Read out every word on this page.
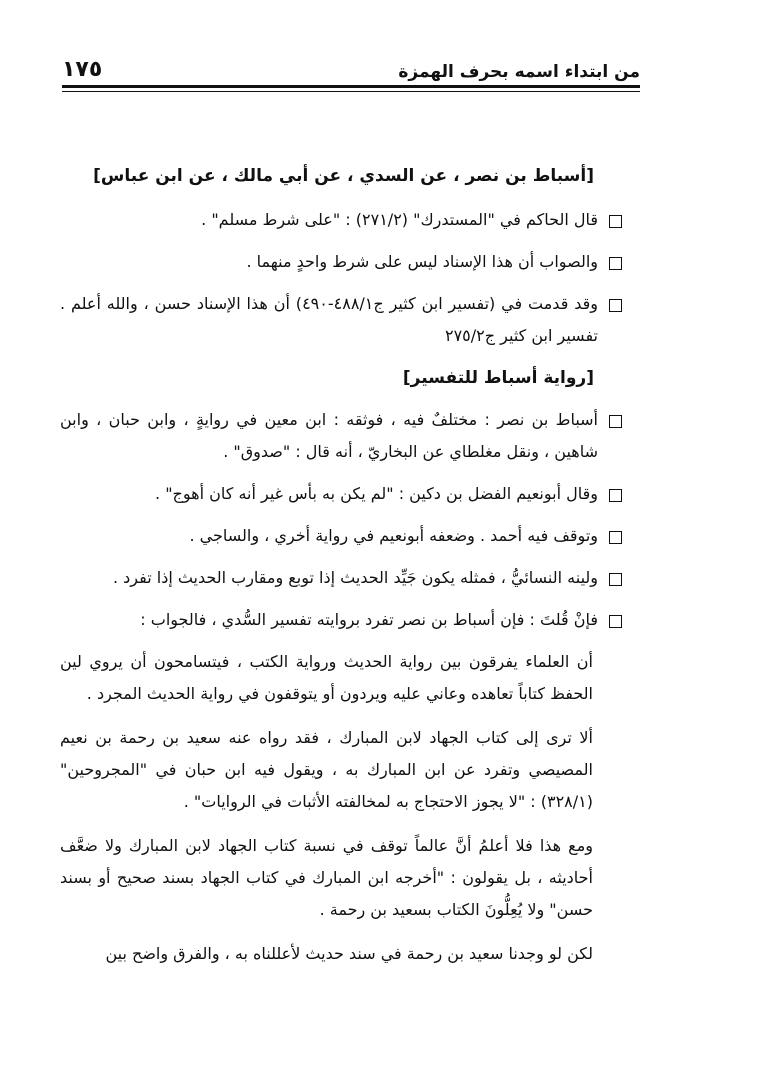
من ابتداء اسمه بحرف الهمزة
١٧٥
[أسباط بن نصر ، عن السدي ، عن أبي مالك ، عن ابن عباس]
قال الحاكم في "المستدرك" (٢٧١/٢) : "على شرط مسلم" .
والصواب أن هذا الإسناد ليس على شرط واحدٍ منهما .
وقد قدمت في (تفسير ابن كثير ج٤٨٨/١-٤٩٠) أن هذا الإسناد حسن ، والله أعلم . تفسير ابن كثير ج٢٧٥/٢
[رواية أسباط للتفسير]
أسباط بن نصر : مختلفٌ فيه ، فوثقه : ابن معين في روايةٍ ، وابن حبان ، وابن شاهين ، ونقل مغلطاي عن البخاريّ ، أنه قال : "صدوق" .
وقال أبونعيم الفضل بن دكين : "لم يكن به بأس غير أنه كان أهوج" .
وتوقف فيه أحمد . وضعفه أبونعيم في رواية أخري ، والساجي .
ولينه النسائيُّ ، فمثله يكون جَيِّد الحديث إذا توبع ومقارب الحديث إذا تفرد .
فإنْ قُلتَ : فإن أسباط بن نصر تفرد بروايته تفسير السُّدي ، فالجواب :

أن العلماء يفرقون بين رواية الحديث ورواية الكتب ، فيتسامحون أن يروي لين الحفظ كتاباً تعاهده وعاني عليه ويردون أو يتوقفون في رواية الحديث المجرد .

ألا ترى إلى كتاب الجهاد لابن المبارك ، فقد رواه عنه سعيد بن رحمة بن نعيم المصيصي وتفرد عن ابن المبارك به ، ويقول فيه ابن حبان في "المجروحين" (٣٢٨/١) : "لا يجوز الاحتجاج به لمخالفته الأثبات في الروايات" .

ومع هذا فلا أعلمُ أنَّ عالماً توقف في نسبة كتاب الجهاد لابن المبارك ولا ضعَّف أحاديثه ، بل يقولون : "أخرجه ابن المبارك في كتاب الجهاد بسند صحيح أو بسند حسن" ولا يُعِلُّونَ الكتاب بسعيد بن رحمة .

لكن لو وجدنا سعيد بن رحمة في سند حديث لأعللناه به ، والفرق واضح بين
